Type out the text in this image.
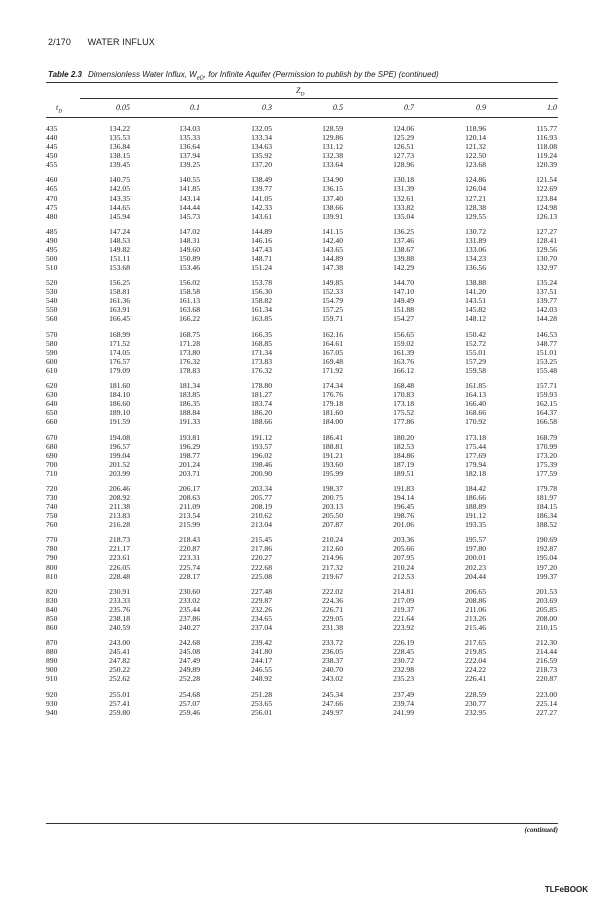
2/170 WATER INFLUX
Table 2.3 Dimensionless Water Influx, $W_{eD}$, for Infinite Aquifer (Permission to publish by the SPE) (continued)
$Z_D$
$t_D$	0.05	0.1	0.3	0.5	0.7	0.9	1.0
435	134.22	134.03	132.05	128.59	124.06	118.96	115.77
440	135.53	135.33	133.34	129.86	125.29	120.14	116.93
445	136.84	136.64	134.63	131.12	126.51	121.32	118.08
450	138.15	137.94	135.92	132.38	127.73	122.50	119.24
455	139.45	139.25	137.20	133.64	128.96	123.68	120.39
460	140.75	140.55	138.49	134.90	130.18	124.86	121.54
465	142.05	141.85	139.77	136.15	131.39	126.04	122.69
470	143.35	143.14	141.05	137.40	132.61	127.21	123.84
475	144.65	144.44	142.33	138.66	133.82	128.38	124.98
480	145.94	145.73	143.61	139.91	135.04	129.55	126.13
485	147.24	147.02	144.89	141.15	136.25	130.72	127.27
490	148.53	148.31	146.16	142.40	137.46	131.89	128.41
495	149.82	149.60	147.43	143.65	138.67	133.06	129.56
500	151.11	150.89	148.71	144.89	139.88	134.23	130.70
510	153.68	153.46	151.24	147.38	142.29	136.56	132.97
520	156.25	156.02	153.78	149.85	144.70	138.88	135.24
530	158.81	158.58	156.30	152.33	147.10	141.20	137.51
540	161.36	161.13	158.82	154.79	149.49	143.51	139.77
550	163.91	163.68	161.34	157.25	151.88	145.82	142.03
560	166.45	166.22	163.85	159.71	154.27	148.12	144.28
570	168.99	168.75	166.35	162.16	156.65	150.42	146.53
580	171.52	171.28	168.85	164.61	159.02	152.72	148.77
590	174.05	173.80	171.34	167.05	161.39	155.01	151.01
600	176.57	176.32	173.83	169.48	163.76	157.29	153.25
610	179.09	178.83	176.32	171.92	166.12	159.58	155.48
620	181.60	181.34	178.80	174.34	168.48	161.85	157.71
630	184.10	183.85	181.27	176.76	170.83	164.13	159.93
640	186.60	186.35	183.74	179.18	173.18	166.40	162.15
650	189.10	188.84	186.20	181.60	175.52	168.66	164.37
660	191.59	191.33	188.66	184.00	177.86	170.92	166.58
670	194.08	193.81	191.12	186.41	180.20	173.18	168.79
680	196.57	196.29	193.57	188.81	182.53	175.44	170.99
690	199.04	198.77	196.02	191.21	184.86	177.69	173.20
700	201.52	201.24	198.46	193.60	187.19	179.94	175.39
710	203.99	203.71	200.90	195.99	189.51	182.18	177.59
720	206.46	206.17	203.34	198.37	191.83	184.42	179.78
730	208.92	208.63	205.77	200.75	194.14	186.66	181.97
740	211.38	211.09	208.19	203.13	196.45	188.89	184.15
750	213.83	213.54	210.62	205.50	198.76	191.12	186.34
760	216.28	215.99	213.04	207.87	201.06	193.35	188.52
770	218.73	218.43	215.45	210.24	203.36	195.57	190.69
780	221.17	220.87	217.86	212.60	205.66	197.80	192.87
790	223.61	223.31	220.27	214.96	207.95	200.01	195.04
800	226.05	225.74	222.68	217.32	210.24	202.23	197.20
810	228.48	228.17	225.08	219.67	212.53	204.44	199.37
820	230.91	230.60	227.48	222.02	214.81	206.65	201.53
830	233.33	233.02	229.87	224.36	217.09	208.86	203.69
840	235.76	235.44	232.26	226.71	219.37	211.06	205.85
850	238.18	237.86	234.65	229.05	221.64	213.26	208.00
860	240.59	240.27	237.04	231.38	223.92	215.46	210.15
870	243.00	242.68	239.42	233.72	226.19	217.65	212.30
880	245.41	245.08	241.80	236.05	228.45	219.85	214.44
890	247.82	247.49	244.17	238.37	230.72	222.04	216.59
900	250.22	249.89	246.55	240.70	232.98	224.22	218.73
910	252.62	252.28	248.92	243.02	235.23	226.41	220.87
920	255.01	254.68	251.28	245.34	237.49	228.59	223.00
930	257.41	257.07	253.65	247.66	239.74	230.77	225.14
940	259.80	259.46	256.01	249.97	241.99	232.95	227.27
(continued)
TLFeBOOK
